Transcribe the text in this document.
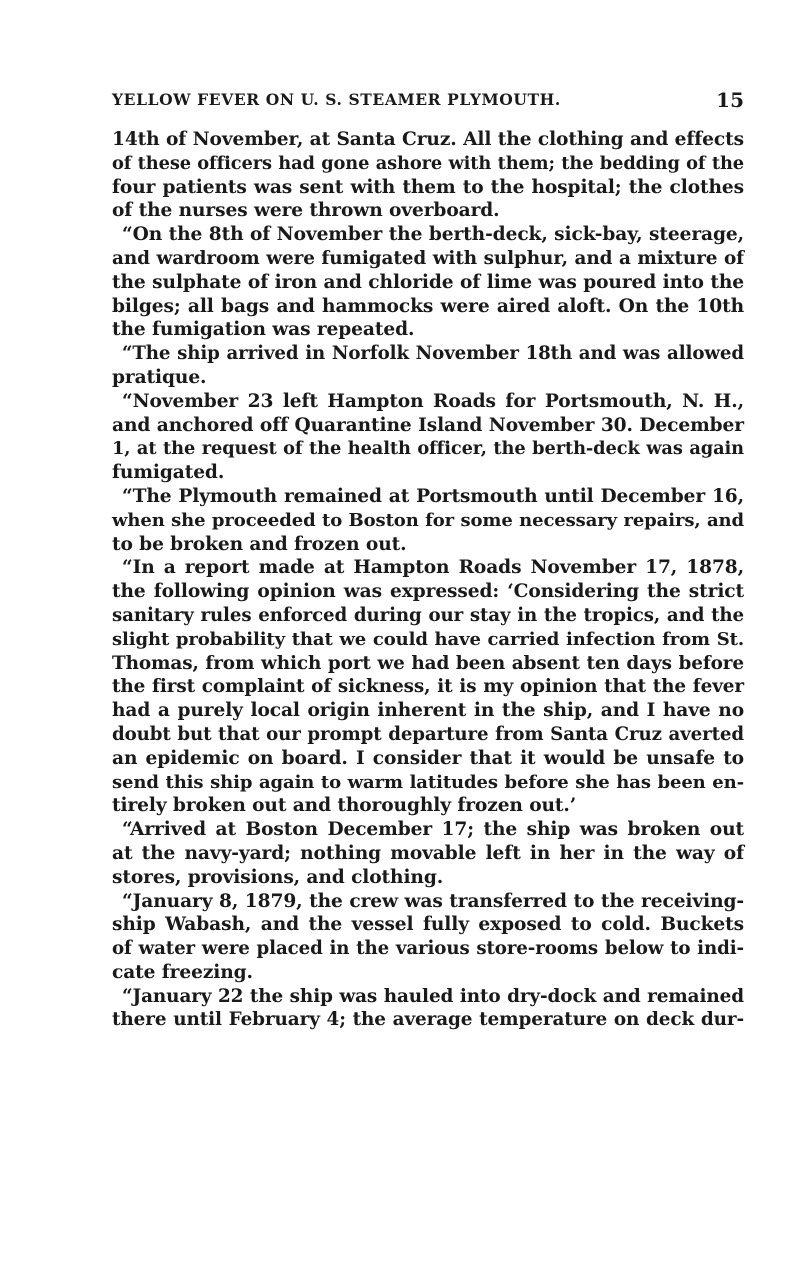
YELLOW FEVER ON U. S. STEAMER PLYMOUTH.	15
14th of November, at Santa Cruz. All the clothing and effects
of these officers had gone ashore with them; the bedding of the
four patients was sent with them to the hospital; the clothes
of the nurses were thrown overboard.
“On the 8th of November the berth-deck, sick-bay, steerage,
and wardroom were fumigated with sulphur, and a mixture of
the sulphate of iron and chloride of lime was poured into the
bilges; all bags and hammocks were aired aloft. On the 10th
the fumigation was repeated.
“The ship arrived in Norfolk November 18th and was allowed
pratique.
“November 23 left Hampton Roads for Portsmouth, N. H.,
and anchored off Quarantine Island November 30. December
1, at the request of the health officer, the berth-deck was again
fumigated.
“The Plymouth remained at Portsmouth until December 16,
when she proceeded to Boston for some necessary repairs, and
to be broken and frozen out.
“In a report made at Hampton Roads November 17, 1878,
the following opinion was expressed: ‘Considering the strict
sanitary rules enforced during our stay in the tropics, and the
slight probability that we could have carried infection from St.
Thomas, from which port we had been absent ten days before
the first complaint of sickness, it is my opinion that the fever
had a purely local origin inherent in the ship, and I have no
doubt but that our prompt departure from Santa Cruz averted
an epidemic on board. I consider that it would be unsafe to
send this ship again to warm latitudes before she has been en-
tirely broken out and thoroughly frozen out.’
“Arrived at Boston December 17; the ship was broken out
at the navy-yard; nothing movable left in her in the way of
stores, provisions, and clothing.
“January 8, 1879, the crew was transferred to the receiving-
ship Wabash, and the vessel fully exposed to cold. Buckets
of water were placed in the various store-rooms below to indi-
cate freezing.
“January 22 the ship was hauled into dry-dock and remained
there until February 4; the average temperature on deck dur-
